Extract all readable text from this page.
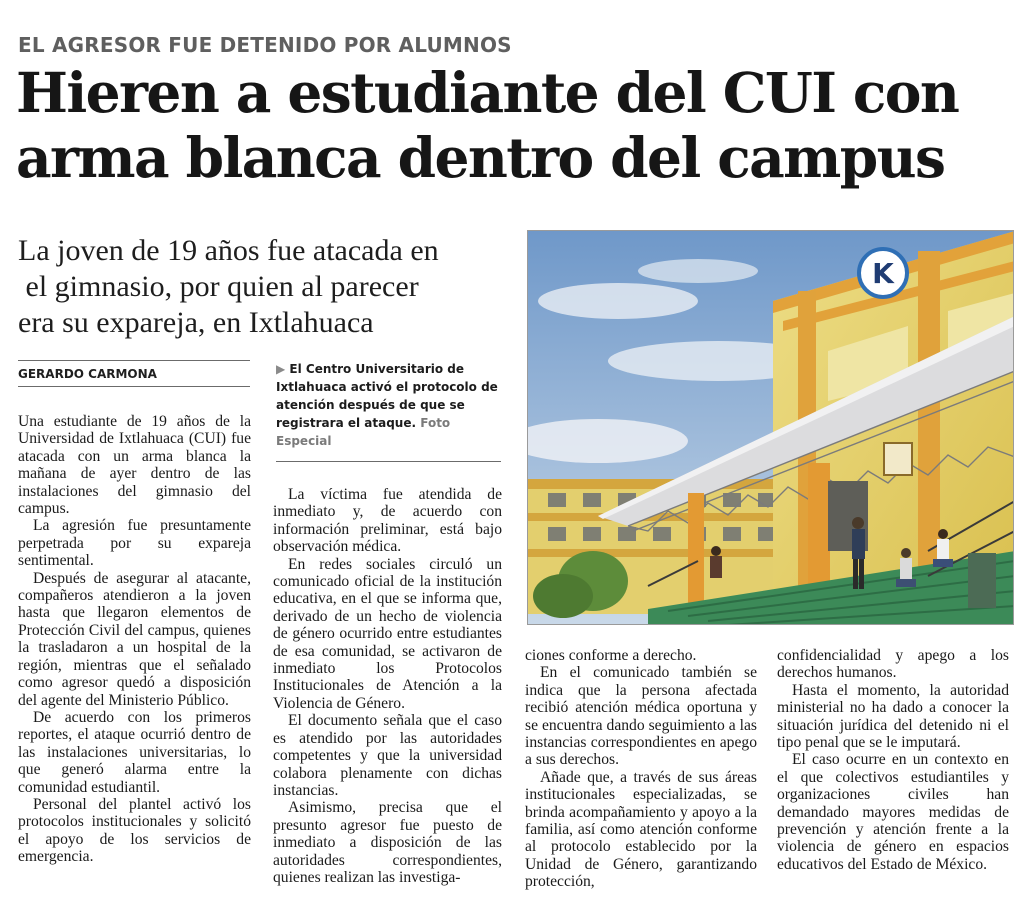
EL AGRESOR FUE DETENIDO POR ALUMNOS
Hieren a estudiante del CUI con
arma blanca dentro del campus
La joven de 19 años fue atacada en
el gimnasio, por quien al parecer
era su expareja, en Ixtlahuaca
GERARDO CARMONA	▶ El Centro Universitario de Ixtlahuaca activó el protocolo de atención después de que se registrara el ataque. Foto Especial
K

Una estudiante de 19 años de la Universidad de Ixtlahuaca (CUI) fue atacada con un arma blanca la mañana de ayer dentro de las instalaciones del gimnasio del campus.

La agresión fue presuntamente perpetrada por su expareja sentimental.

Después de asegurar al atacante, compañeros atendieron a la joven hasta que llegaron elementos de Protección Civil del campus, quienes la trasladaron a un hospital de la región, mientras que el señalado como agresor quedó a disposición del agente del Ministerio Público.

De acuerdo con los primeros reportes, el ataque ocurrió dentro de las instalaciones universitarias, lo que generó alarma entre la comunidad estudiantil.

Personal del plantel activó los protocolos institucionales y solicitó el apoyo de los servicios de emergencia.

La víctima fue atendida de inmediato y, de acuerdo con información preliminar, está bajo observación médica.

En redes sociales circuló un comunicado oficial de la institución educativa, en el que se informa que, derivado de un hecho de violencia de género ocurrido entre estudiantes de esa comunidad, se activaron de inmediato los Protocolos Institucionales de Atención a la Violencia de Género.

El documento señala que el caso es atendido por las autoridades competentes y que la universidad colabora plenamente con dichas instancias.

Asimismo, precisa que el presunto agresor fue puesto de inmediato a disposición de las autoridades correspondientes, quienes realizan las investiga-

ciones conforme a derecho.

En el comunicado también se indica que la persona afectada recibió atención médica oportuna y se encuentra dando seguimiento a las instancias correspondientes en apego a sus derechos.

Añade que, a través de sus áreas institucionales especializadas, se brinda acompañamiento y apoyo a la familia, así como atención conforme al protocolo establecido por la Unidad de Género, garantizando protección,

confidencialidad y apego a los derechos humanos.

Hasta el momento, la autoridad ministerial no ha dado a conocer la situación jurídica del detenido ni el tipo penal que se le imputará.

El caso ocurre en un contexto en el que colectivos estudiantiles y organizaciones civiles han demandado mayores medidas de prevención y atención frente a la violencia de género en espacios educativos del Estado de México.
